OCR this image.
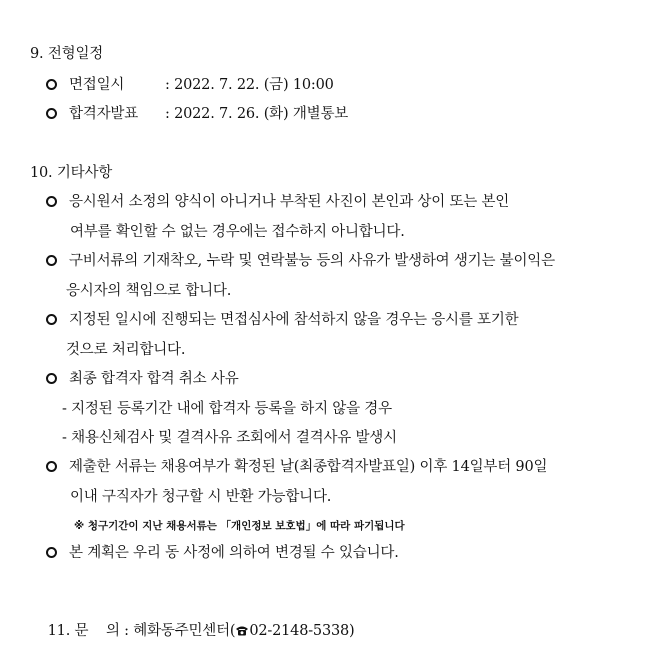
9. 전형일정
면접일시	: 2022. 7. 22. (금) 10:00
합격자발표 : 2022. 7. 26. (화) 개별통보
10. 기타사항
응시원서 소정의 양식이 아니거나 부착된 사진이 본인과 상이 또는 본인
여부를 확인할 수 없는 경우에는 접수하지 아니합니다.
구비서류의 기재착오, 누락 및 연락불능 등의 사유가 발생하여 생기는 불이익은
응시자의 책임으로 합니다.
지정된 일시에 진행되는 면접심사에 참석하지 않을 경우는 응시를 포기한
것으로 처리합니다.
최종 합격자 합격 취소 사유
- 지정된 등록기간 내에 합격자 등록을 하지 않을 경우
- 채용신체검사 및 결격사유 조회에서 결격사유 발생시
제출한 서류는 채용여부가 확정된 날(최종합격자발표일) 이후 14일부터 90일
이내 구직자가 청구할 시 반환 가능합니다.
※ 청구기간이 지난 채용서류는 「개인정보 보호법」에 따라 파기됩니다
본 계획은 우리 동 사정에 의하여 변경될 수 있습니다.

11. 문    의 : 혜화동주민센터( 02-2148-5338)
